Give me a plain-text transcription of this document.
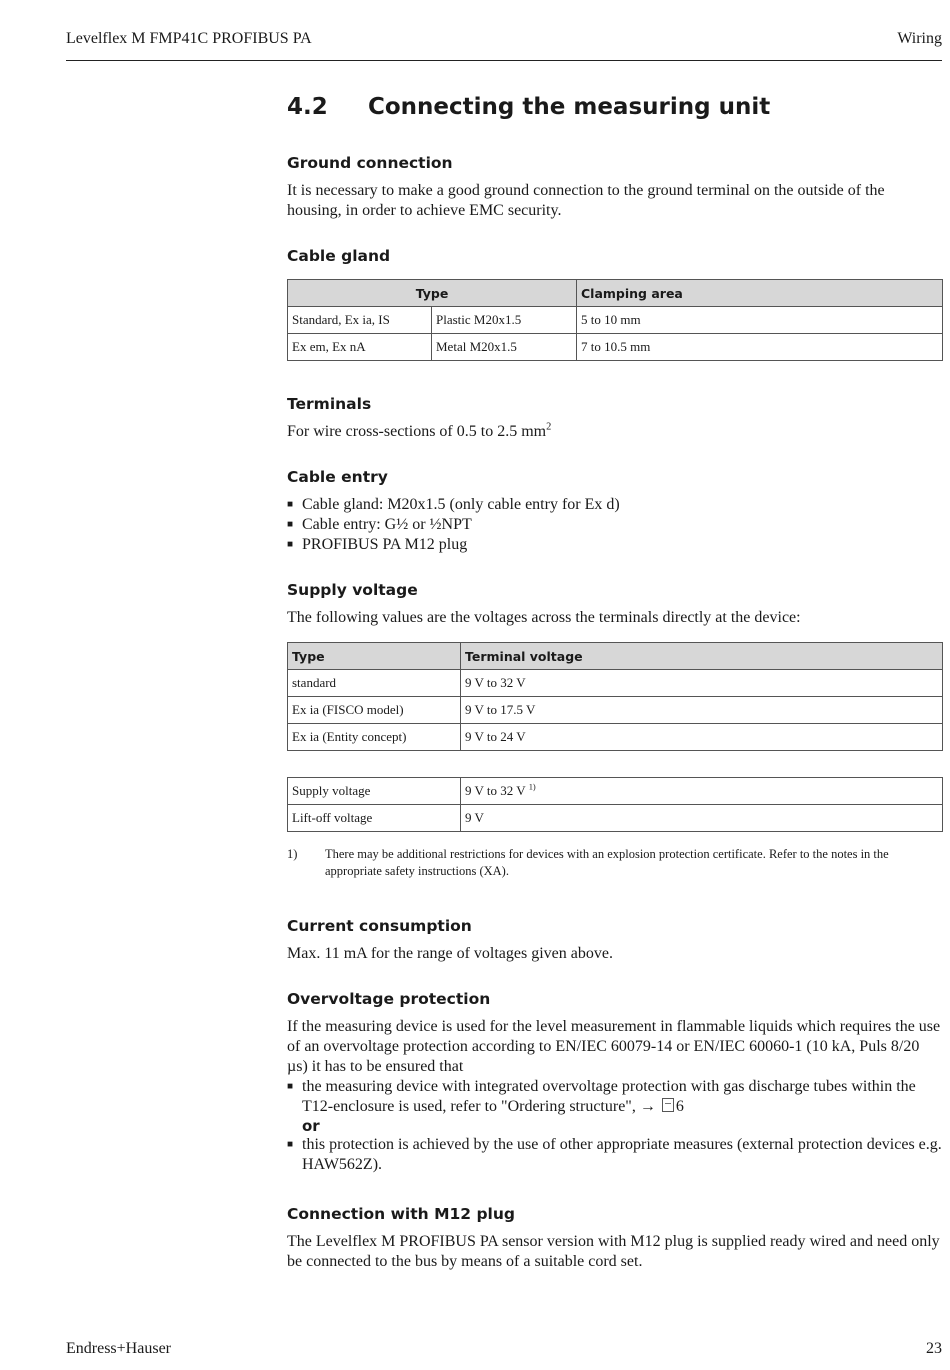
Levelflex M FMP41C PROFIBUS PA	Wiring
4.2 Connecting the measuring unit
Ground connection

It is necessary to make a good ground connection to the ground terminal on the outside of the housing, in order to achieve EMC security.

Cable gland
Type		Clamping area
Standard, Ex ia, IS	Plastic M20x1.5	5 to 10 mm
Ex em, Ex nA	Metal M20x1.5	7 to 10.5 mm
Terminals

For wire cross-sections of 0.5 to 2.5 $mm^2$

Cable entry
■ Cable gland: M20x1.5 (only cable entry for Ex d)
■ Cable entry: G½ or ½NPT
■ PROFIBUS PA M12 plug
Supply voltage

The following values are the voltages across the terminals directly at the device:

Type	Terminal voltage
standard	9 V to 32 V
Ex ia (FISCO model)	9 V to 17.5 V
Ex ia (Entity concept)	9 V to 24 V
Supply voltage	9 V to 32 V $^{1)}$
Lift-off voltage	9 V
1)	There may be additional restrictions for devices with an explosion protection certificate. Refer to the notes in the appropriate safety instructions (XA).
Current consumption

Max. 11 mA for the range of voltages given above.

Overvoltage protection

If the measuring device is used for the level measurement in flammable liquids which requires the use of an overvoltage protection according to EN/IEC 60079-14 or EN/IEC 60060-1 (10 kA, Puls 8/20 µs) it has to be ensured that

■ the measuring device with integrated overvoltage protection with gas discharge tubes within the T12-enclosure is used, refer to "Ordering structure", → 6
or
■ this protection is achieved by the use of other appropriate measures (external protection devices e.g. HAW562Z).
Connection with M12 plug

The Levelflex M PROFIBUS PA sensor version with M12 plug is supplied ready wired and need only be connected to the bus by means of a suitable cord set.

Endress+Hauser	23
